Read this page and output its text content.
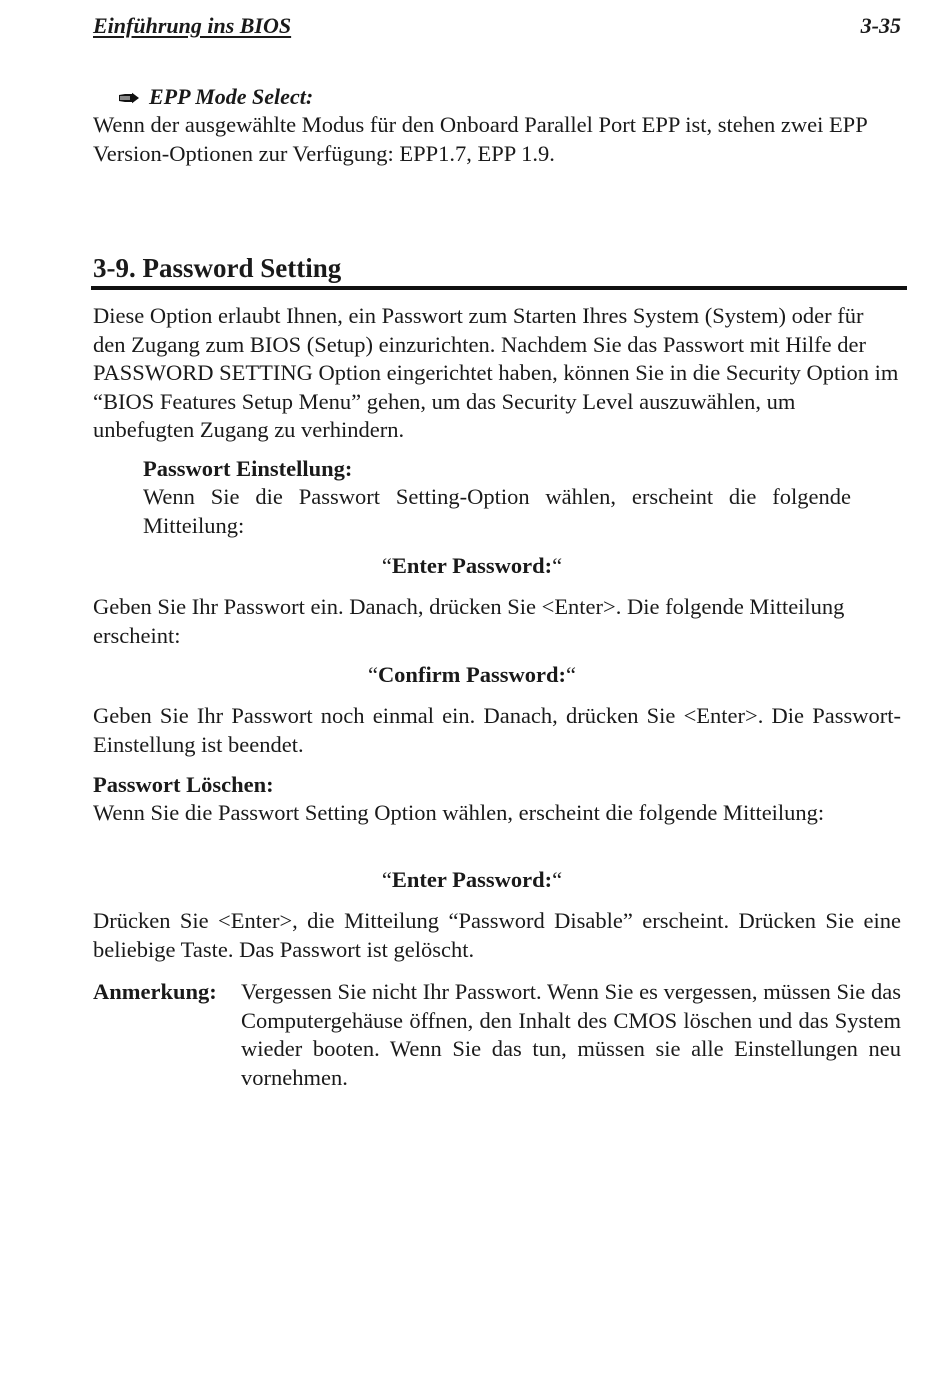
Einführung ins BIOS	3-35
EPP Mode Select:
Wenn der ausgewählte Modus für den Onboard Parallel Port EPP ist, stehen zwei EPP Version-Optionen zur Verfügung: EPP1.7, EPP 1.9.
3-9. Password Setting
Diese Option erlaubt Ihnen, ein Passwort zum Starten Ihres System (System) oder für den Zugang zum BIOS (Setup) einzurichten. Nachdem Sie das Passwort mit Hilfe der PASSWORD SETTING Option eingerichtet haben, können Sie in die Security Option im “BIOS Features Setup Menu” gehen, um das Security Level auszuwählen, um unbefugten Zugang zu verhindern.
Passwort Einstellung:
Wenn Sie die Passwort Setting-Option wählen, erscheint die folgende Mitteilung:
“Enter Password:“
Geben Sie Ihr Passwort ein. Danach, drücken Sie <Enter>. Die folgende Mitteilung erscheint:
“Confirm Password:“
Geben Sie Ihr Passwort noch einmal ein. Danach, drücken Sie <Enter>. Die Passwort-Einstellung ist beendet.
Passwort Löschen:
Wenn Sie die Passwort Setting Option wählen, erscheint die folgende Mitteilung:
“Enter Password:“
Drücken Sie <Enter>, die Mitteilung “Password Disable” erscheint. Drücken Sie eine beliebige Taste. Das Passwort ist gelöscht.
Anmerkung: Vergessen Sie nicht Ihr Passwort. Wenn Sie es vergessen, müssen Sie das Computergehäuse öffnen, den Inhalt des CMOS löschen und das System wieder booten. Wenn Sie das tun, müssen sie alle Einstellungen neu vornehmen.
